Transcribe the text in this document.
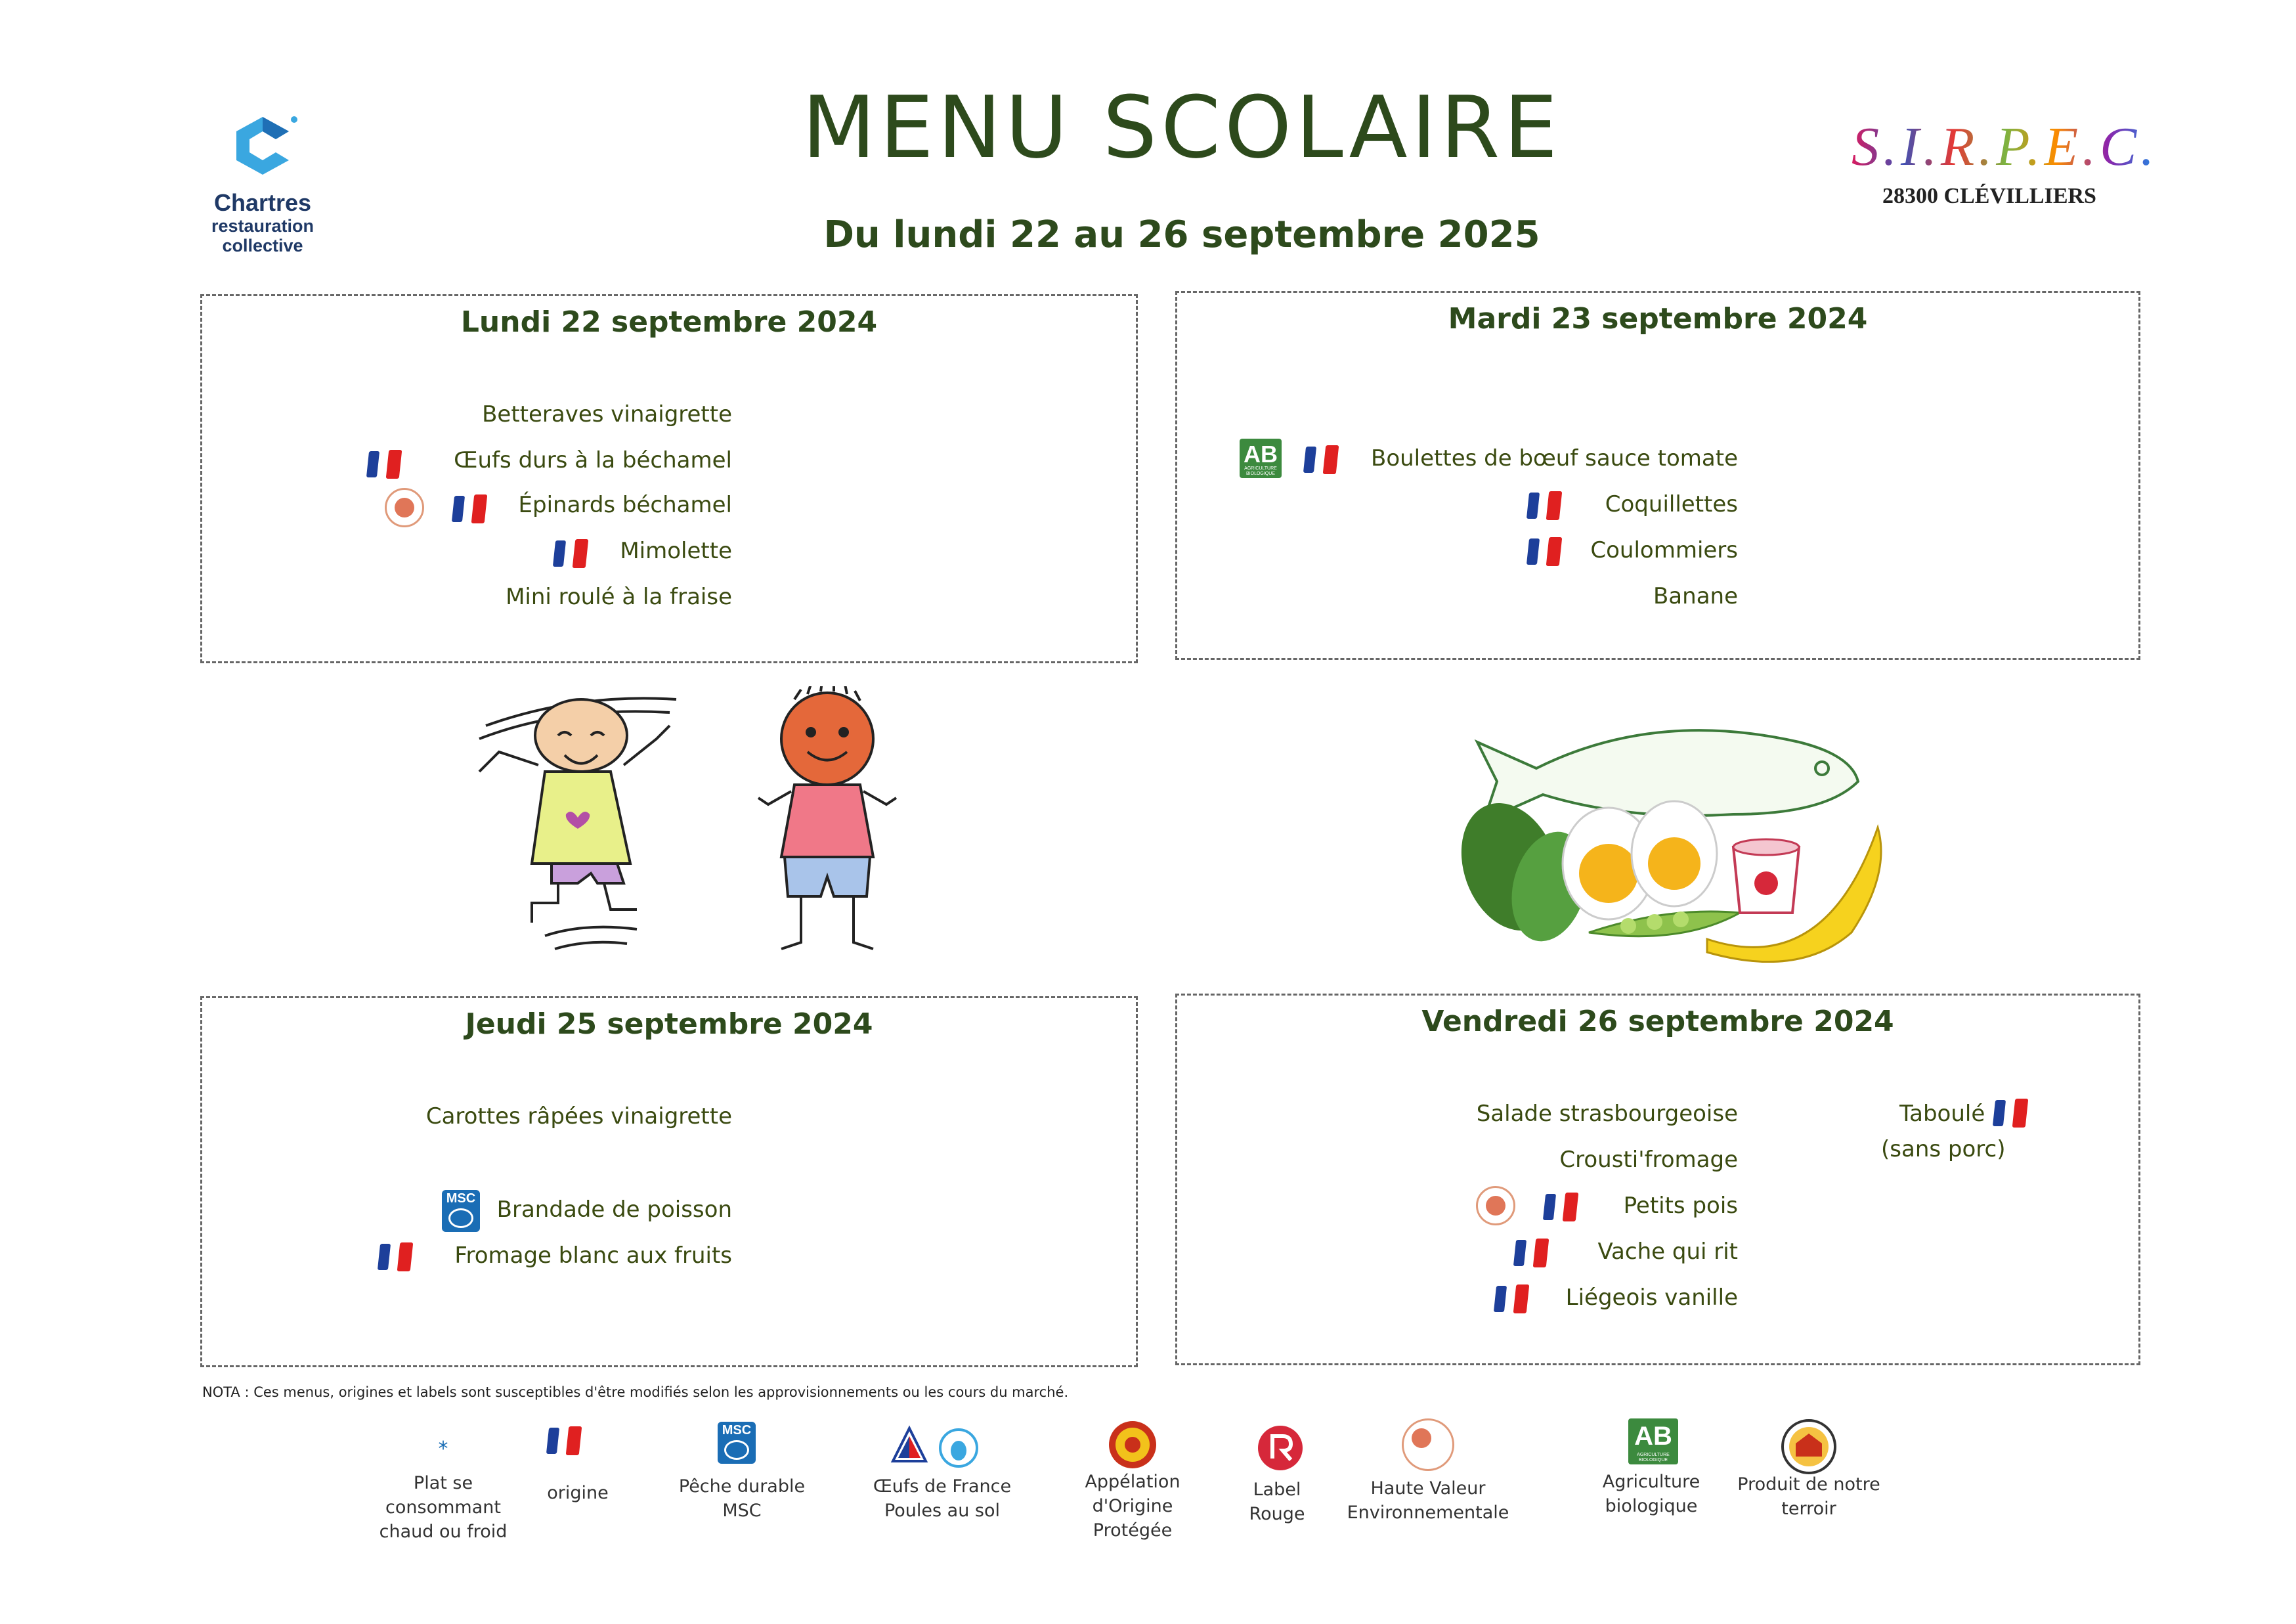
Chartres
restauration
collective
MENU SCOLAIRE
Du lundi 22 au 26 septembre 2025
S.I.R.P.E.C.
28300 CLÉVILLIERS
Lundi 22 septembre 2024
Betteraves vinaigrette
Œufs durs à la béchamel
Épinards béchamel
Mimolette
Mini roulé à la fraise
Mardi 23 septembre 2024
AB
AGRICULTURE BIOLOGIQUE
Boulettes de bœuf sauce tomate
Coquillettes
Coulommiers
Banane
Jeudi 25 septembre 2024
Carottes râpées vinaigrette
MSC Brandade de poisson
Fromage blanc aux fruits
Vendredi 26 septembre 2024
Salade strasbourgeoise	Taboulé
(sans porc)
Crousti'fromage
Petits pois
Vache qui rit
Liégeois vanille
NOTA : Ces menus, origines et labels sont susceptibles d'être modifiés selon les approvisionnements ou les cours du marché.
*
Plat se
consommant
chaud ou froid
origine
MSC
Pêche durable
MSC
Œufs de France
Poules au sol
Appélation
d'Origine
Protégée
Label
Rouge
Haute Valeur
Environnementale
AB
AGRICULTURE BIOLOGIQUE
Agriculture
biologique
Produit de notre
terroir
